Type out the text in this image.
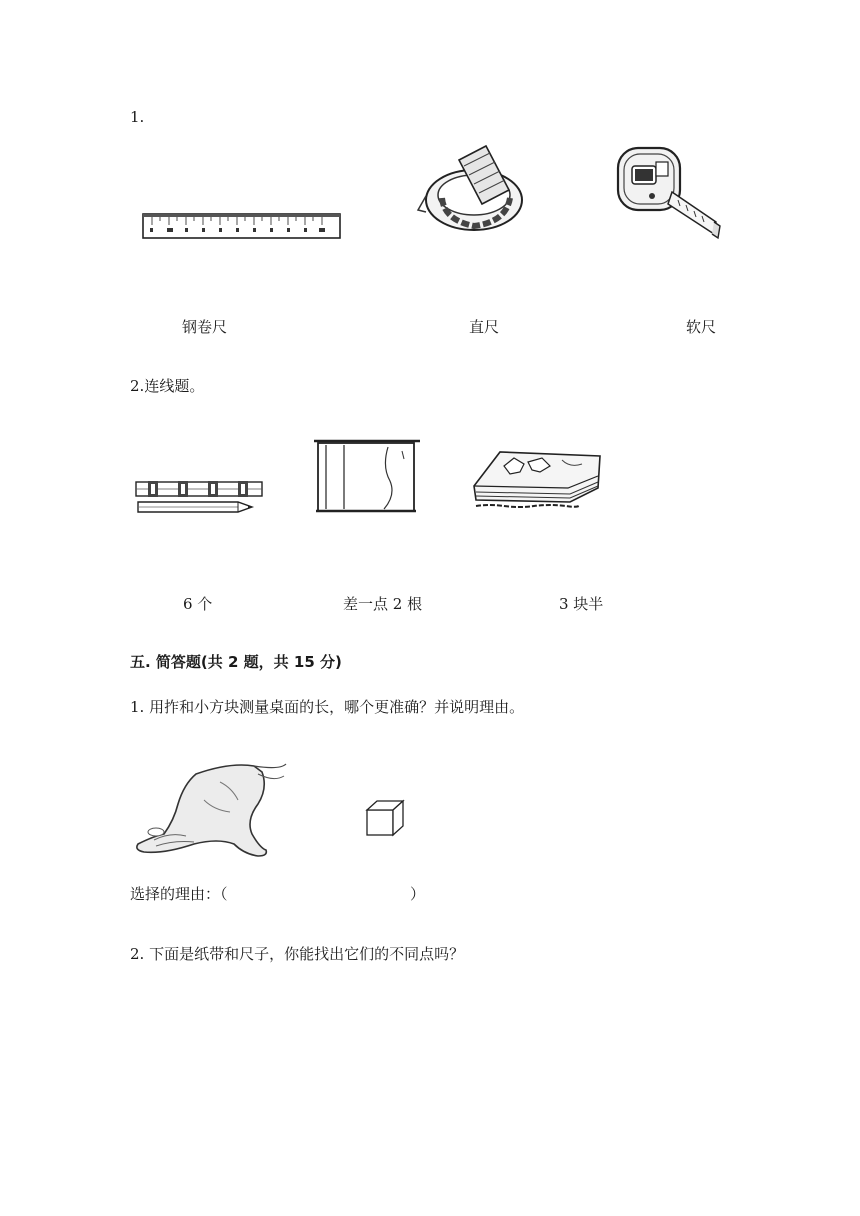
1.
钢卷尺	直尺	软尺
2.连线题。
6 个	差一点 2 根	3 块半
五. 简答题(共 2 题，共 15 分)
1. 用拃和小方块测量桌面的长，哪个更准确？并说明理由。
选择的理由：（	）
2. 下面是纸带和尺子，你能找出它们的不同点吗？
